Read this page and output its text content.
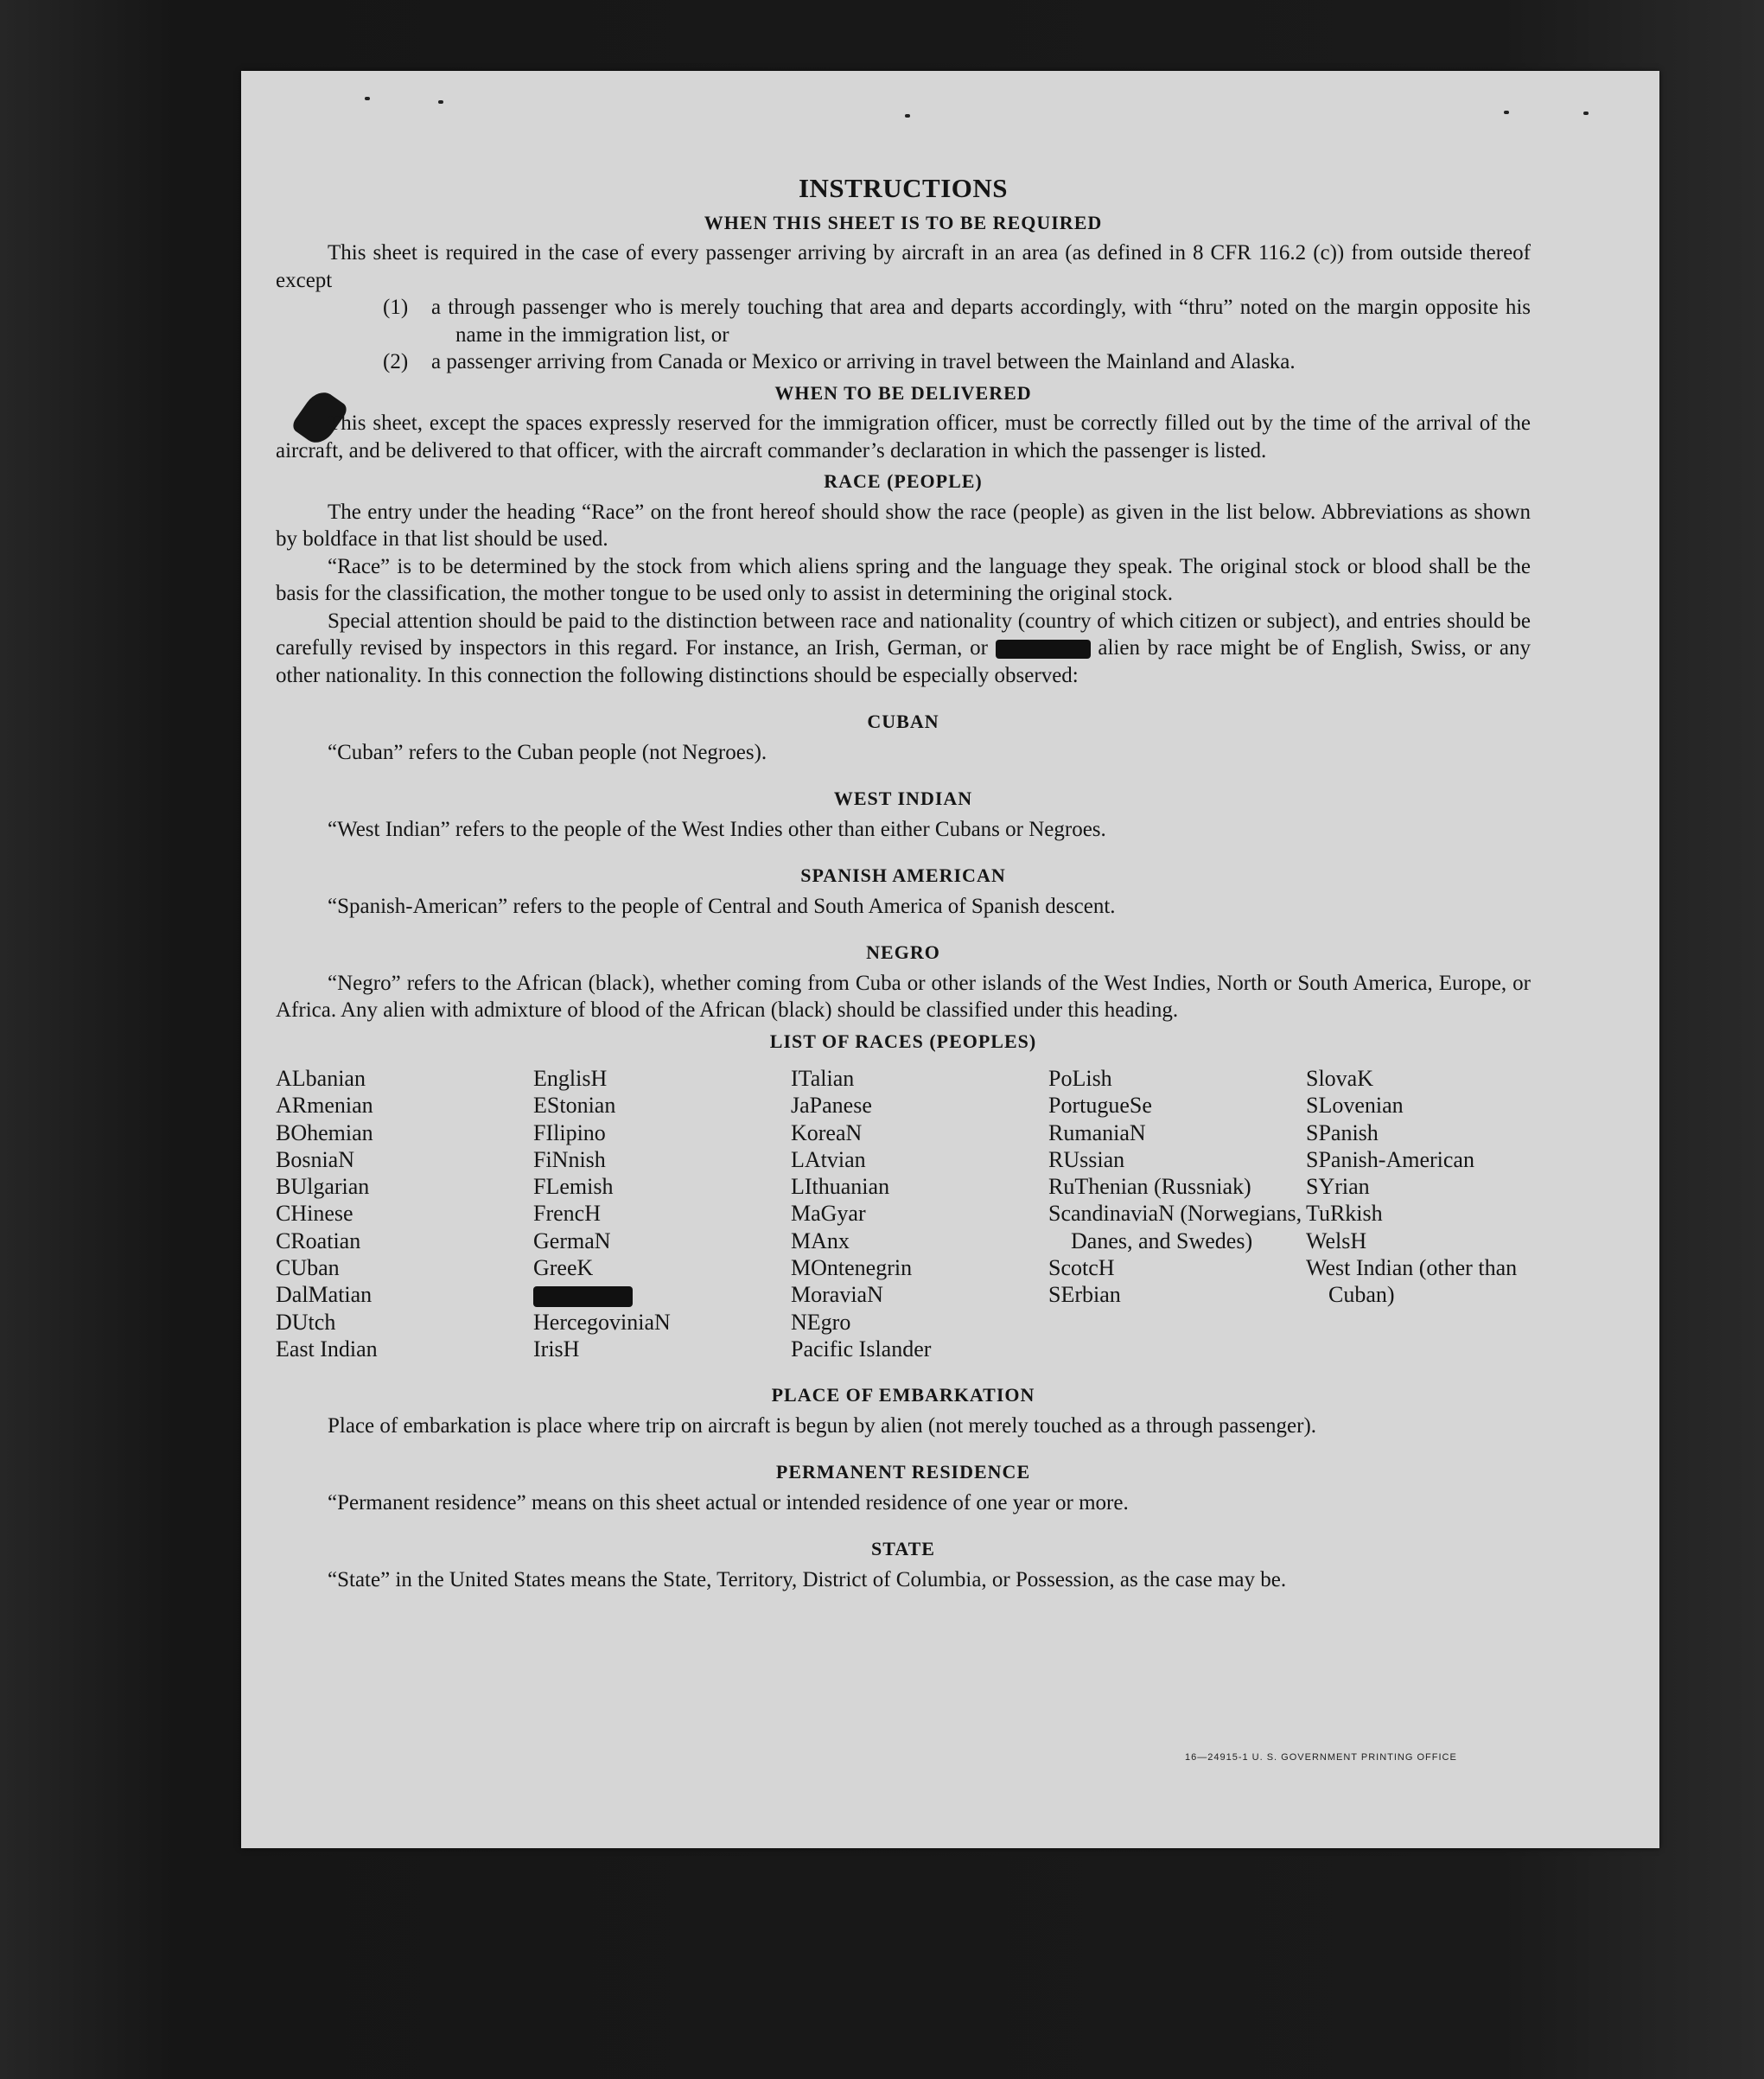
INSTRUCTIONS
WHEN THIS SHEET IS TO BE REQUIRED

This sheet is required in the case of every passenger arriving by aircraft in an area (as defined in 8 CFR 116.2 (c)) from outside thereof except

(1) a through passenger who is merely touching that area and departs accordingly, with “thru” noted on the margin opposite his name in the immigration list, or

(2) a passenger arriving from Canada or Mexico or arriving in travel between the Mainland and Alaska.

WHEN TO BE DELIVERED

This sheet, except the spaces expressly reserved for the immigration officer, must be correctly filled out by the time of the arrival of the aircraft, and be delivered to that officer, with the aircraft commander’s declaration in which the passenger is listed.

RACE (PEOPLE)

The entry under the heading “Race” on the front hereof should show the race (people) as given in the list below. Abbreviations as shown by boldface in that list should be used.

“Race” is to be determined by the stock from which aliens spring and the language they speak. The original stock or blood shall be the basis for the classification, the mother tongue to be used only to assist in determining the original stock.

Special attention should be paid to the distinction between race and nationality (country of which citizen or subject), and entries should be carefully revised by inspectors in this regard. For instance, an Irish, German, or	alien by race might be of English, Swiss, or any other nationality. In this connection the following distinctions should be especially observed:

CUBAN

“Cuban” refers to the Cuban people (not Negroes).

WEST INDIAN

“West Indian” refers to the people of the West Indies other than either Cubans or Negroes.

SPANISH AMERICAN

“Spanish-American” refers to the people of Central and South America of Spanish descent.

NEGRO

“Negro” refers to the African (black), whether coming from Cuba or other islands of the West Indies, North or South America, Europe, or Africa. Any alien with admixture of blood of the African (black) should be classified under this heading.

LIST OF RACES (PEOPLES)
ALbanian
ARmenian
BOhemian
BosniaN
BUlgarian
CHinese
CRoatian
CUban
DalMatian
DUtch
East Indian
EnglisH
EStonian
FIlipino
FiNnish
FLemish
FrencH
GermaN
GreeK
HercegoviniaN
IrisH
ITalian
JaPanese
KoreaN
LAtvian
LIthuanian
MaGyar
MAnx
MOntenegrin
MoraviaN
NEgro
Pacific Islander
PoLish
PortugueSe
RumaniaN
RUssian
RuThenian (Russniak)
ScandinaviaN (Norwegians, Danes, and Swedes)
ScotcH
SErbian
SlovaK
SLovenian
SPanish
SPanish-American
SYrian
TuRkish
WelsH
West Indian (other than Cuban)
PLACE OF EMBARKATION

Place of embarkation is place where trip on aircraft is begun by alien (not merely touched as a through passenger).

PERMANENT RESIDENCE

“Permanent residence” means on this sheet actual or intended residence of one year or more.

STATE

“State” in the United States means the State, Territory, District of Columbia, or Possession, as the case may be.

16—24915-1 U. S. GOVERNMENT PRINTING OFFICE
